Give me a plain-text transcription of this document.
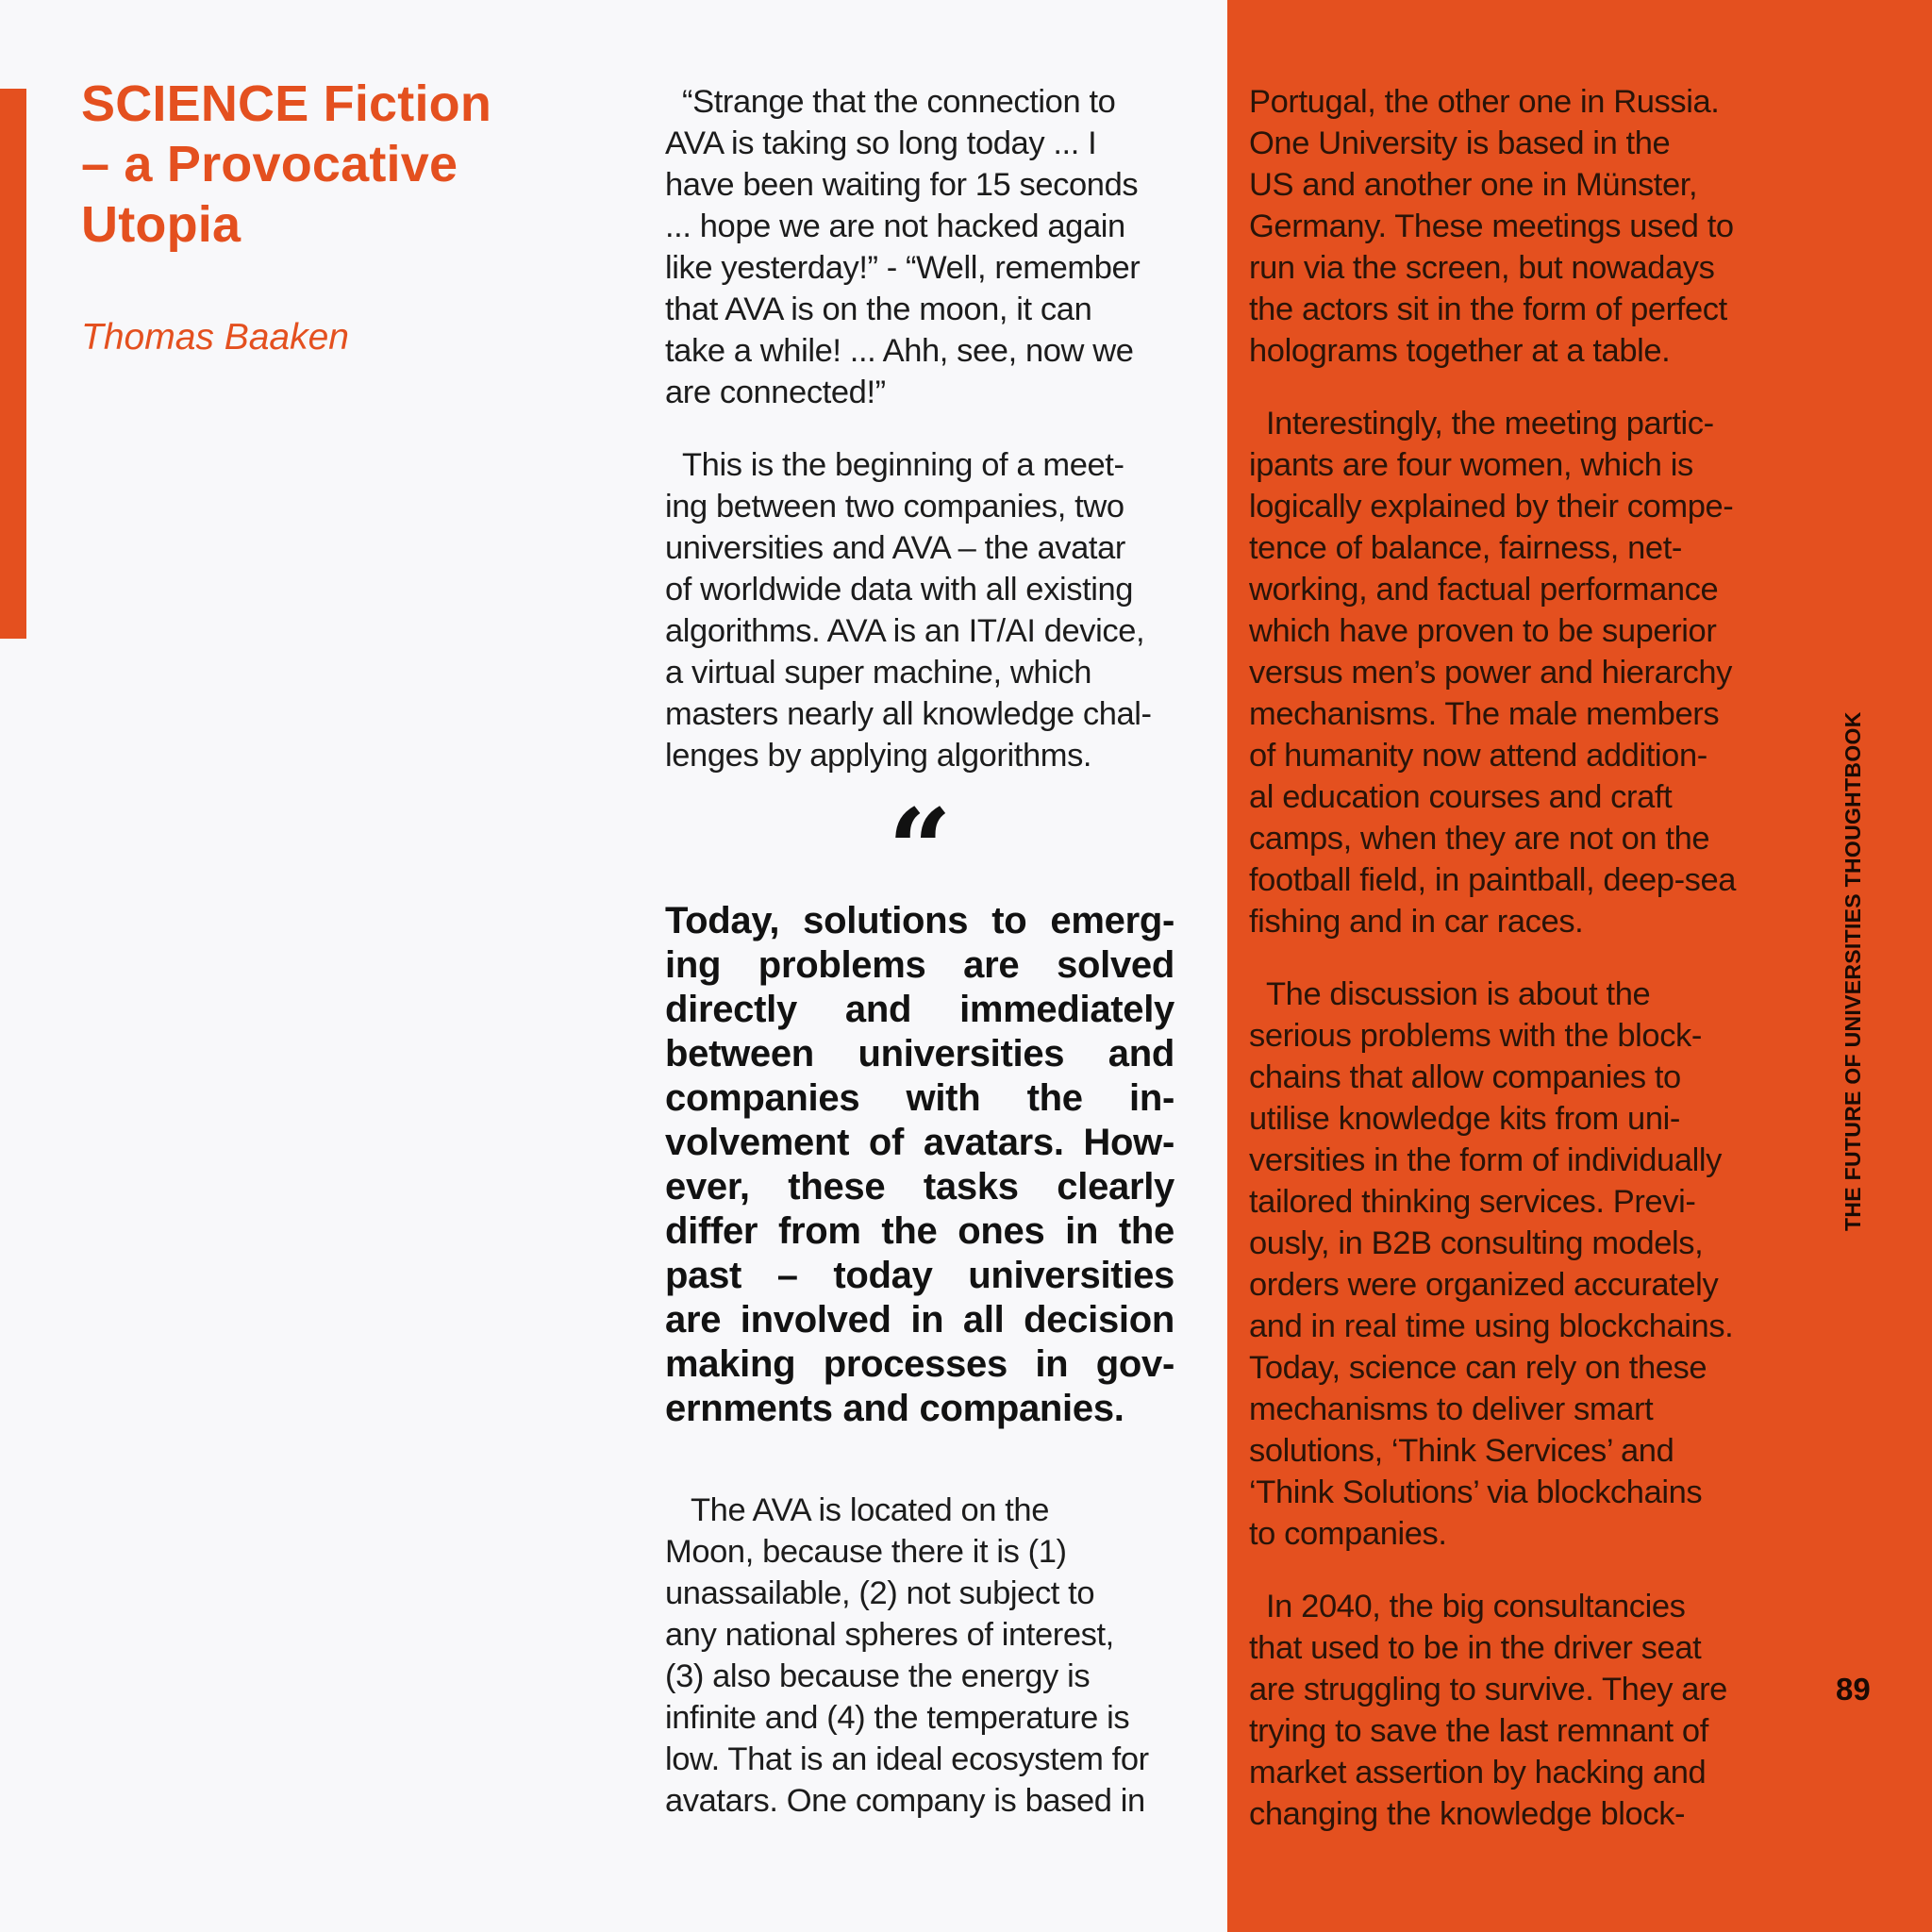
SCIENCE Fiction
– a Provocative
Utopia
Thomas Baaken

“Strange that the connection to
AVA is taking so long today ... I
have been waiting for 15 seconds
... hope we are not hacked again
like yesterday!” - “Well, remember
that AVA is on the moon, it can
take a while! ... Ahh, see, now we
are connected!”

This is the beginning of a meet-
ing between two companies, two
universities and AVA – the avatar
of worldwide data with all existing
algorithms. AVA is an IT/AI device,
a virtual super machine, which
masters nearly all knowledge chal-
lenges by applying algorithms.

“

Today, solutions to emerg-
ing problems are solved
directly and immediately
between universities and
companies with the in-
volvement of avatars. How-
ever, these tasks clearly
differ from the ones in the
past – today universities
are involved in all decision
making processes in gov-
ernments and companies.

The AVA is located on the
Moon, because there it is (1)
unassailable, (2) not subject to
any national spheres of interest,
(3) also because the energy is
infinite and (4) the temperature is
low. That is an ideal ecosystem for
avatars. One company is based in

Portugal, the other one in Russia.
One University is based in the
US and another one in Münster,
Germany. These meetings used to
run via the screen, but nowadays
the actors sit in the form of perfect
holograms together at a table.

Interestingly, the meeting partic-
ipants are four women, which is
logically explained by their compe-
tence of balance, fairness, net-
working, and factual performance
which have proven to be superior
versus men’s power and hierarchy
mechanisms. The male members
of humanity now attend addition-
al education courses and craft
camps, when they are not on the
football field, in paintball, deep-sea
fishing and in car races.

The discussion is about the
serious problems with the block-
chains that allow companies to
utilise knowledge kits from uni-
versities in the form of individually
tailored thinking services. Previ-
ously, in B2B consulting models,
orders were organized accurately
and in real time using blockchains.
Today, science can rely on these
mechanisms to deliver smart
solutions, ‘Think Services’ and
‘Think Solutions’ via blockchains
to companies.

In 2040, the big consultancies
that used to be in the driver seat
are struggling to survive. They are
trying to save the last remnant of
market assertion by hacking and
changing the knowledge block-

THE FUTURE OF UNIVERSITIES THOUGHTBOOK
89
